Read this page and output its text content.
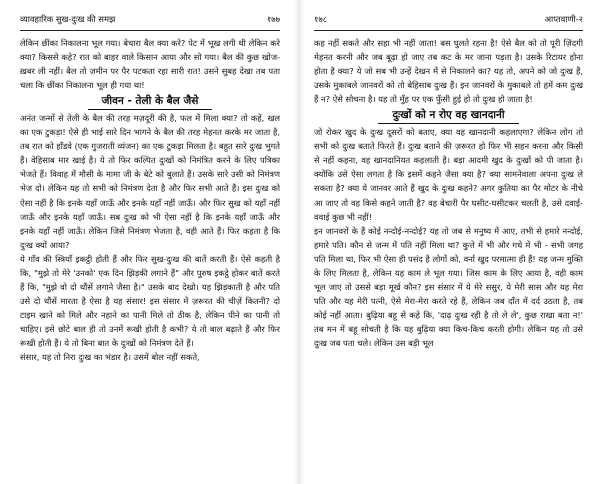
व्यावहारिक सुख-दुःख की समझ	१७७

लेकिन छींका निकालना भूल गया। बेचारा बैल क्या करे? पेट में भूख लगी थी लेकिन करे क्या? किससे कहे? रात को बाहर वाले किसान आया और सो गया। बैल की कुछ खोज-ख़बर ली नहीं। बैल तो ज़मीन पर पैर पटकता रहा सारी रात! उसने सुबह देखा तब पता चला कि छींका निकालना भूल ही गया था!

जीवन - तेली के बैल जैसे

अनंत जन्मों से तेली के बैल की तरह मज़दूरी की है, फल में मिला क्या? तो कहें, खल का एक टुकड़ा! ऐसे ही भाई सारे दिन भागने के बैल की तरह मेहनत करके मर जाता है, तब रात को हाँडवे (एक गुजराती व्यंजन) का एक टुकड़ा मिलता है। बहुत सारे दुःख भुगते हैं। वेहिसाब मार खाई है। ये तो फिर कल्पित दुःखों को निमंत्रित करने के लिए पत्रिका भेजते हैं। विवाह में मौसी के मामा जी के बेटे को बुलाते हैं। उसके सारे उसी को निमंत्रण भेज दो। लेकिन यह तो सभी को निमंत्रण देता है और फिर सभी आते हैं। इस दुःख को ऐसा नहीं है कि इनके यहाँ जाऊँ और इनके यहाँ नहीं जाऊँ। और फिर सुख को यहाँ नहीं जाऊँ और इनके यहाँ जाऊँ। सब दुःख को भी ऐसा नहीं है कि इनके यहाँ जाऊँ और इनके यहाँ नहीं जाऊँ। लेकिन जिसे निमंत्रण भेजता है, वही आते हैं। फिर कहता है कि दुःख क्यों आया?

ये गाँव की स्त्रियाँ इकट्ठी होती हैं और फिर सुख-दुःख की बातें करती हैं। ऐसे कहती है कि, "मुझे तो मेरे 'उनको' एक दिन झिड़की लगाने हैं" और पुरुष इकट्ठे होकर बातें करते हैं कि, "मुझे वो दो थौंसें लगाने जैसा है।" उसके बाद देखो। यह झिड़काती है और पति उसे दो थौंसें मारता है ऐसा है यह संसार! इस संसार में ज़रूरत की चीज़ें कितनी? दो टाइम खाने को मिले और नहाने का पानी मिले तो ठीक है, लेकिन पीने का पानी तो चाहिए। इसे छोटे बाल ही तो उनमें रूखी होती है कभी? ये तो बाल बढ़ाते हैं और फिर रूखी होती हैं। ये तो बिना बात के दुःखों को निमंत्रण देते हैं।

संसार, यह तो निरा दुःख का भंडार है। उसमें बोल नहीं सकते,

१७८	आप्तवाणी-२

कह नहीं सकते और सहा भी नहीं जाता! बस घुलते रहना है! ऐसे बैल को तो पूरी ज़िंदगी मेहनत करनी और जब बूढ़ा हो जाए तब कट के मर जाना पड़ता है। उसके रिटायर होना होता है क्या? ये जो सब भी उन्हें देखन में से निकालने का? यह तो, अपने को जो दुःख हैं, उसके मुकाबले जानवरों को तो बेहिसाब दुःख हैं। इन जानवरों के मुकाबले तो हमें कम दुःख हैं न? ऐसे सोचना है। यह तो मुँह पर एक फुँसी हुई हो तो दुःख हो जाता है!

दुःखों को न रोए वह खानदानी

जो रोकर खुद के दुःख दूसरों को बताए, क्या वह खानदानी कहलाएगा? लेकिन लोग तो सभी को दुःख बताते फिरते हैं। दुःख बताने की ज़रूरत हो फिर भी सहन करना और किसी से नहीं कहना, वह खानदानियत कहलाती है। बड़ा आदमी खुद के दुःखों को पी जाता है। क्योंकि उसे ऐसा लगता है कि इसमें कहने जैसा क्या है? क्या सामनेवाला अपना दुःख ले सकता है? क्या ये जानवर आते हैं खुद के दुःख कहने? अगर कुतिया का पैर मोटर के नीचे आ जाए तो वह किसे कहने जाती है? वह बेचारी पैर घसीट-घसीटकर चलती है, उसे दवाई-ववाई कुछ भी नहीं!

इन जानवरों के हैं कोई नन्दोई-नन्दोई? यह तो जब से मनुष्य में आए, तभी से हमारे नन्दोई, हमारे पति। कौन से जन्म में पति नहीं मिला था? कुत्ते में भी और गधे में भी - सभी जगह पति मिला था, फिर भी ऐसा ही पसंद है लोगों को, वर्ना खुद परमात्मा ही हैं! यह जन्म मुक्ति के लिए मिलता है, लेकिन यह काम ले भूल गया। जिस काम के लिए आया है, वही काम भूल जाए तो उससे बड़ा मूर्ख कौन? इस संसार में ये मेरे ससुर, ये मेरी सास और यह मेरा पति और यह मेरी पत्नी, ऐसे मेरा-मेरा करते रहे हैं, लेकिन जब दाँत में दर्द उठता है, तब कोई नहीं आता। बुढ़िया बहू से कहे कि, 'दाढ़ दुःख रही है तो ले ले', कुछ राखा बता न!' तब मन में बहू सोचती है कि यह बुढ़िया क्या किच-किच करती होगी। लेकिन यह तो उसे दुःख जब पता चले। लेकिन उस बड़ी भूल
